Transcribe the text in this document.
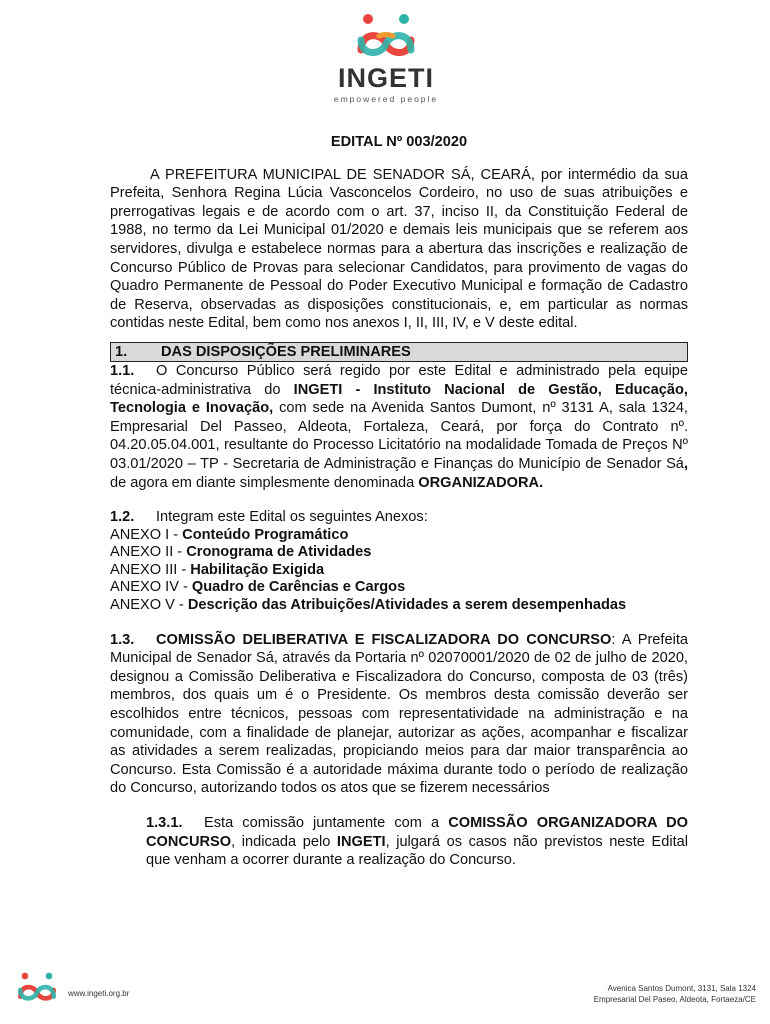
INGETI
empowered people
EDITAL Nº 003/2020

A PREFEITURA MUNICIPAL DE SENADOR SÁ, CEARÁ, por intermédio da sua Prefeita, Senhora Regina Lúcia Vasconcelos Cordeiro, no uso de suas atribuições e prerrogativas legais e de acordo com o art. 37, inciso II, da Constituição Federal de 1988, no termo da Lei Municipal 01/2020 e demais leis municipais que se referem aos servidores, divulga e estabelece normas para a abertura das inscrições e realização de Concurso Público de Provas para selecionar Candidatos, para provimento de vagas do Quadro Permanente de Pessoal do Poder Executivo Municipal e formação de Cadastro de Reserva, observadas as disposições constitucionais, e, em particular as normas contidas neste Edital, bem como nos anexos I, II, III, IV, e V deste edital.

1. DAS DISPOSIÇÕES PRELIMINARES

1.1. O Concurso Público será regido por este Edital e administrado pela equipe técnica-administrativa do INGETI - Instituto Nacional de Gestão, Educação, Tecnologia e Inovação, com sede na Avenida Santos Dumont, nº 3131 A, sala 1324, Empresarial Del Passeo, Aldeota, Fortaleza, Ceará, por força do Contrato nº. 04.20.05.04.001, resultante do Processo Licitatório na modalidade Tomada de Preços Nº 03.01/2020 – TP - Secretaria de Administração e Finanças do Município de Senador Sá, de agora em diante simplesmente denominada ORGANIZADORA.

1.2. Integram este Edital os seguintes Anexos:

ANEXO I - Conteúdo Programático
ANEXO II - Cronograma de Atividades
ANEXO III - Habilitação Exigida
ANEXO IV - Quadro de Carências e Cargos
ANEXO V - Descrição das Atribuições/Atividades a serem desempenhadas

1.3. COMISSÃO DELIBERATIVA E FISCALIZADORA DO CONCURSO: A Prefeita Municipal de Senador Sá, através da Portaria nº 02070001/2020 de 02 de julho de 2020, designou a Comissão Deliberativa e Fiscalizadora do Concurso, composta de 03 (três) membros, dos quais um é o Presidente. Os membros desta comissão deverão ser escolhidos entre técnicos, pessoas com representatividade na administração e na comunidade, com a finalidade de planejar, autorizar as ações, acompanhar e fiscalizar as atividades a serem realizadas, propiciando meios para dar maior transparência ao Concurso. Esta Comissão é a autoridade máxima durante todo o período de realização do Concurso, autorizando todos os atos que se fizerem necessários

1.3.1. Esta comissão juntamente com a COMISSÃO ORGANIZADORA DO CONCURSO, indicada pelo INGETI, julgará os casos não previstos neste Edital que venham a ocorrer durante a realização do Concurso.

www.ingeti.org.br
Avenica Santos Dumont, 3131, Sala 1324
Empresarial Del Paseo, Aldeota, Fortaeza/CE
